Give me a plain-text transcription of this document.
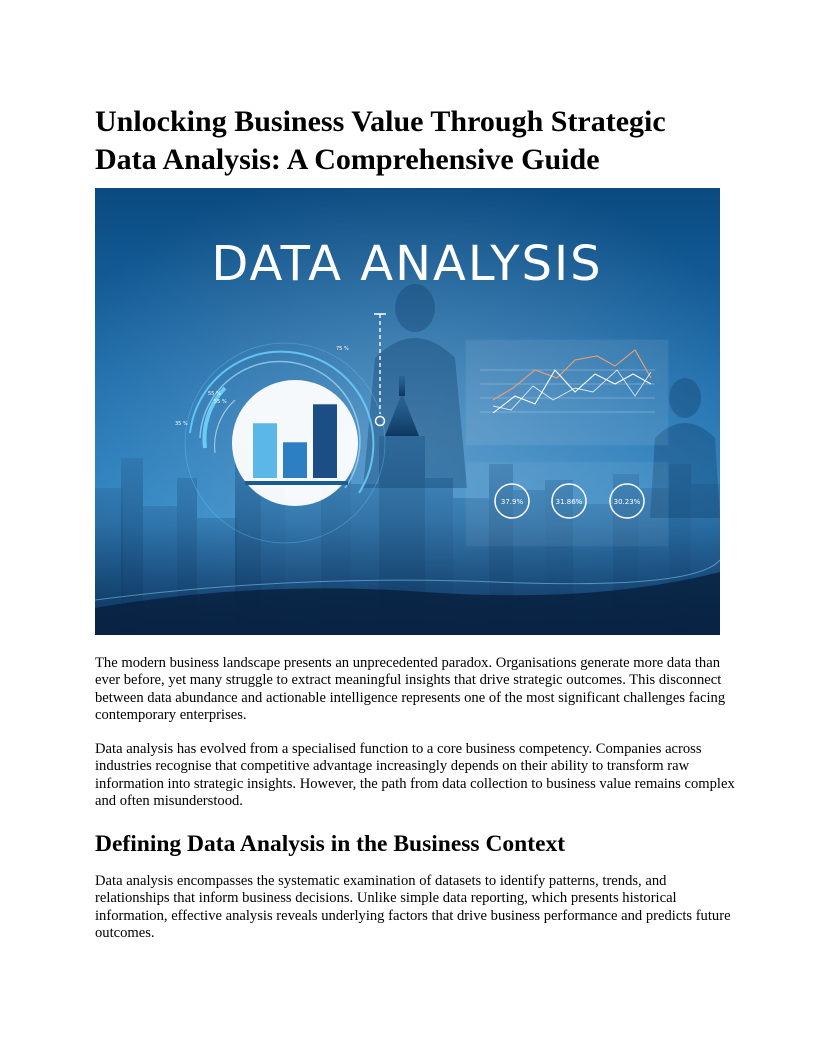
Unlocking Business Value Through Strategic Data Analysis: A Comprehensive Guide
DATA ANALYSIS
75 %
55 %
55 %
35 %
37.9%	31.86%	30.23%

The modern business landscape presents an unprecedented paradox. Organisations generate more data than ever before, yet many struggle to extract meaningful insights that drive strategic outcomes. This disconnect between data abundance and actionable intelligence represents one of the most significant challenges facing contemporary enterprises.

Data analysis has evolved from a specialised function to a core business competency. Companies across industries recognise that competitive advantage increasingly depends on their ability to transform raw information into strategic insights. However, the path from data collection to business value remains complex and often misunderstood.

Defining Data Analysis in the Business Context

Data analysis encompasses the systematic examination of datasets to identify patterns, trends, and relationships that inform business decisions. Unlike simple data reporting, which presents historical information, effective analysis reveals underlying factors that drive business performance and predicts future outcomes.
